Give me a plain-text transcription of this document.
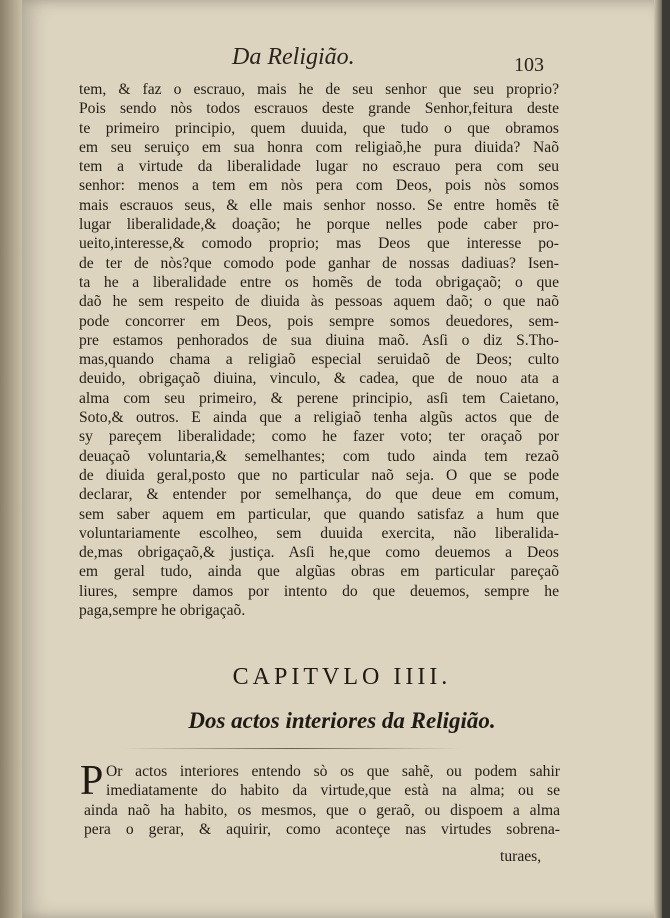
Da Religião.	103
tem, & faz o escrauo, mais he de seu senhor que seu proprio?
Pois sendo nòs todos escrauos deste grande Senhor,feitura deste
te primeiro principio, quem duuida, que tudo o que obramos
em seu seruiço em sua honra com religiaõ,he pura diuida? Naõ
tem a virtude da liberalidade lugar no escrauo pera com seu
senhor: menos a tem em nòs pera com Deos, pois nòs somos
mais escrauos seus, & elle mais senhor nosso. Se entre homẽs tẽ
lugar liberalidade,& doação; he porque nelles pode caber pro-
ueito,interesse,& comodo proprio; mas Deos que interesse po-
de ter de nòs?que comodo pode ganhar de nossas dadiuas? Isen-
ta he a liberalidade entre os homẽs de toda obrigaçaõ; o que
daõ he sem respeito de diuida às pessoas aquem daõ; o que naõ
pode concorrer em Deos, pois sempre somos deuedores, sem-
pre estamos penhorados de sua diuina maõ. Asſi o diz S.Tho-
mas,quando chama a religiaõ especial seruidaõ de Deos; culto
deuido, obrigaçaõ diuina, vinculo, & cadea, que de nouo ata a
alma com seu primeiro, & perene principio, asſi tem Caietano,
Soto,& outros. E ainda que a religiaõ tenha algũs actos que de
sy pareçem liberalidade; como he fazer voto; ter oraçaõ por
deuaçaõ voluntaria,& semelhantes; com tudo ainda tem rezaõ
de diuida geral,posto que no particular naõ seja. O que se pode
declarar, & entender por semelhança, do que deue em comum,
sem saber aquem em particular, que quando satisfaz a hum que
voluntariamente escolheo, sem duuida exercita, não liberalida-
de,mas obrigaçaõ,& justiça. Asſi he,que como deuemos a Deos
em geral tudo, ainda que algũas obras em particular pareçaõ
liures, sempre damos por intento do que deuemos, sempre he
paga,sempre he obrigaçaõ.
CAPITVLO IIII.
Dos actos interiores da Religião.
P Or actos interiores entendo sò os que sahẽ, ou podem sahir
imediatamente do habito da virtude,que està na alma; ou se
ainda naõ ha habito, os mesmos, que o geraõ, ou dispoem a alma
pera o gerar, & aquirir, como aconteçe nas virtudes sobrena-
turaes,
